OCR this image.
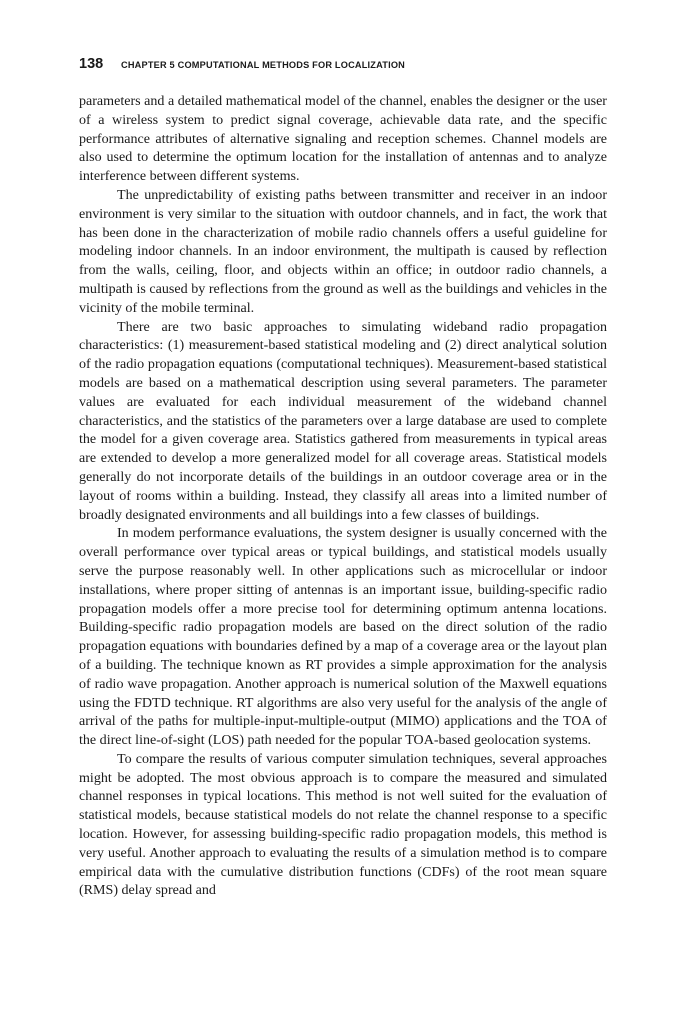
138 CHAPTER 5 COMPUTATIONAL METHODS FOR LOCALIZATION

parameters and a detailed mathematical model of the channel, enables the designer or the user of a wireless system to predict signal coverage, achievable data rate, and the specific performance attributes of alternative signaling and reception schemes. Channel models are also used to determine the optimum location for the installation of antennas and to analyze interference between different systems.

The unpredictability of existing paths between transmitter and receiver in an indoor environment is very similar to the situation with outdoor channels, and in fact, the work that has been done in the characterization of mobile radio channels offers a useful guideline for modeling indoor channels. In an indoor environment, the multipath is caused by reflection from the walls, ceiling, floor, and objects within an office; in outdoor radio channels, a multipath is caused by reflections from the ground as well as the buildings and vehicles in the vicinity of the mobile terminal.

There are two basic approaches to simulating wideband radio propagation characteristics: (1) measurement-based statistical modeling and (2) direct analytical solution of the radio propagation equations (computational techniques). Measurement-based statistical models are based on a mathematical description using several parameters. The parameter values are evaluated for each individual measurement of the wideband channel characteristics, and the statistics of the parameters over a large database are used to complete the model for a given coverage area. Statistics gathered from measurements in typical areas are extended to develop a more generalized model for all coverage areas. Statistical models generally do not incorporate details of the buildings in an outdoor coverage area or in the layout of rooms within a building. Instead, they classify all areas into a limited number of broadly designated environments and all buildings into a few classes of buildings.

In modem performance evaluations, the system designer is usually concerned with the overall performance over typical areas or typical buildings, and statistical models usually serve the purpose reasonably well. In other applications such as microcellular or indoor installations, where proper sitting of antennas is an important issue, building-specific radio propagation models offer a more precise tool for determining optimum antenna locations. Building-specific radio propagation models are based on the direct solution of the radio propagation equations with boundaries defined by a map of a coverage area or the layout plan of a building. The technique known as RT provides a simple approximation for the analysis of radio wave propagation. Another approach is numerical solution of the Maxwell equations using the FDTD technique. RT algorithms are also very useful for the analysis of the angle of arrival of the paths for multiple-input-multiple-output (MIMO) applications and the TOA of the direct line-of-sight (LOS) path needed for the popular TOA-based geolocation systems.

To compare the results of various computer simulation techniques, several approaches might be adopted. The most obvious approach is to compare the measured and simulated channel responses in typical locations. This method is not well suited for the evaluation of statistical models, because statistical models do not relate the channel response to a specific location. However, for assessing building-specific radio propagation models, this method is very useful. Another approach to evaluating the results of a simulation method is to compare empirical data with the cumulative distribution functions (CDFs) of the root mean square (RMS) delay spread and
